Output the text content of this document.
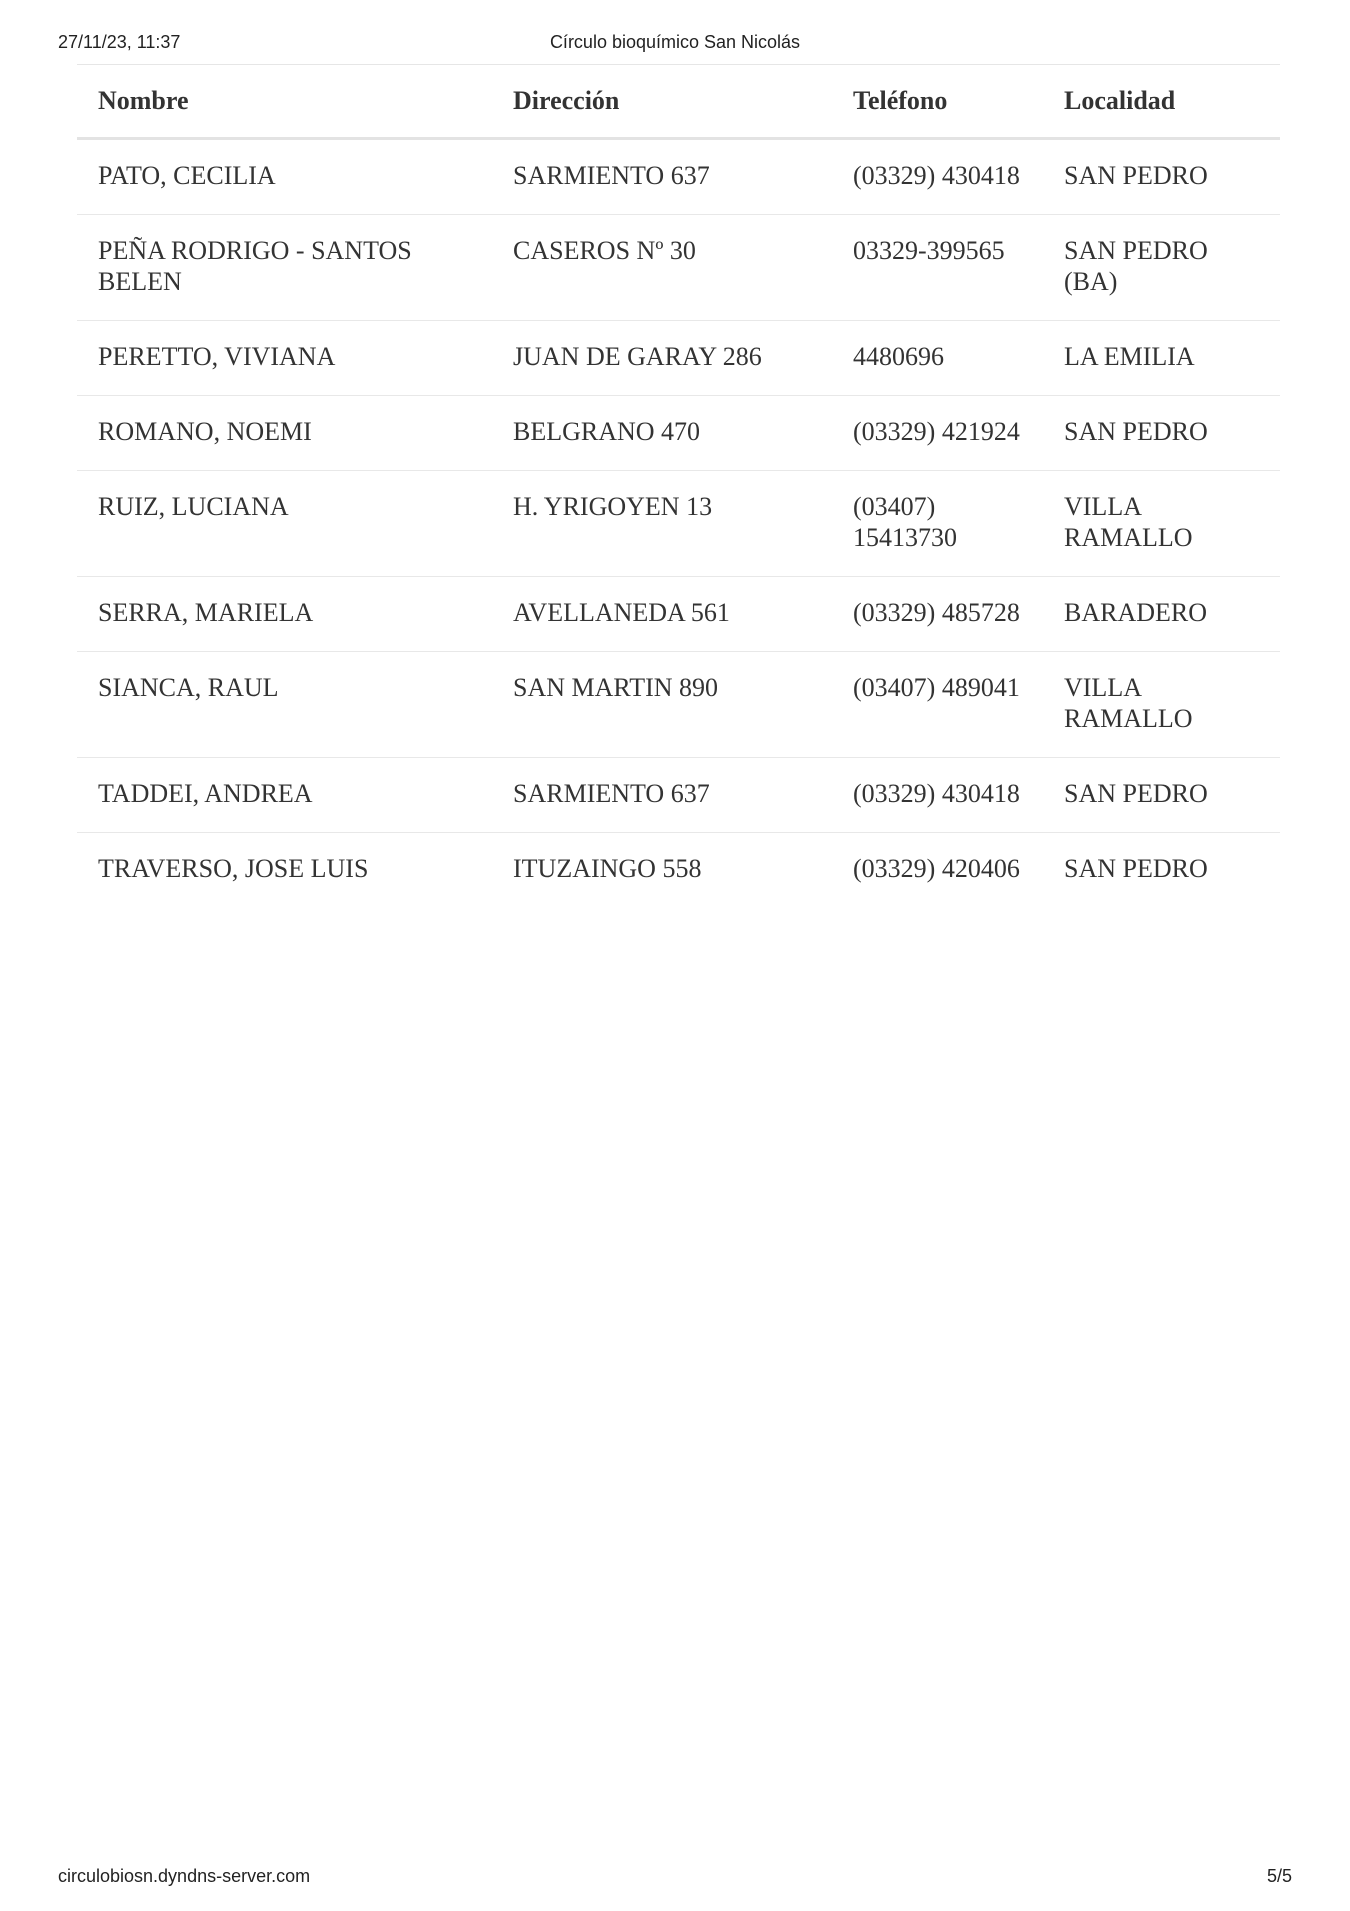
27/11/23, 11:37	Círculo bioquímico San Nicolás
Nombre	Dirección	Teléfono	Localidad
PATO, CECILIA	SARMIENTO 637	(03329) 430418	SAN PEDRO
PEÑA RODRIGO - SANTOS BELEN	CASEROS Nº 30	03329-399565	SAN PEDRO (BA)
PERETTO, VIVIANA	JUAN DE GARAY 286	4480696	LA EMILIA
ROMANO, NOEMI	BELGRANO 470	(03329) 421924	SAN PEDRO
RUIZ, LUCIANA	H. YRIGOYEN 13	(03407) 15413730	VILLA RAMALLO
SERRA, MARIELA	AVELLANEDA 561	(03329) 485728	BARADERO
SIANCA, RAUL	SAN MARTIN 890	(03407) 489041	VILLA RAMALLO
TADDEI, ANDREA	SARMIENTO 637	(03329) 430418	SAN PEDRO
TRAVERSO, JOSE LUIS	ITUZAINGO 558	(03329) 420406	SAN PEDRO
circulobiosn.dyndns-server.com	5/5
